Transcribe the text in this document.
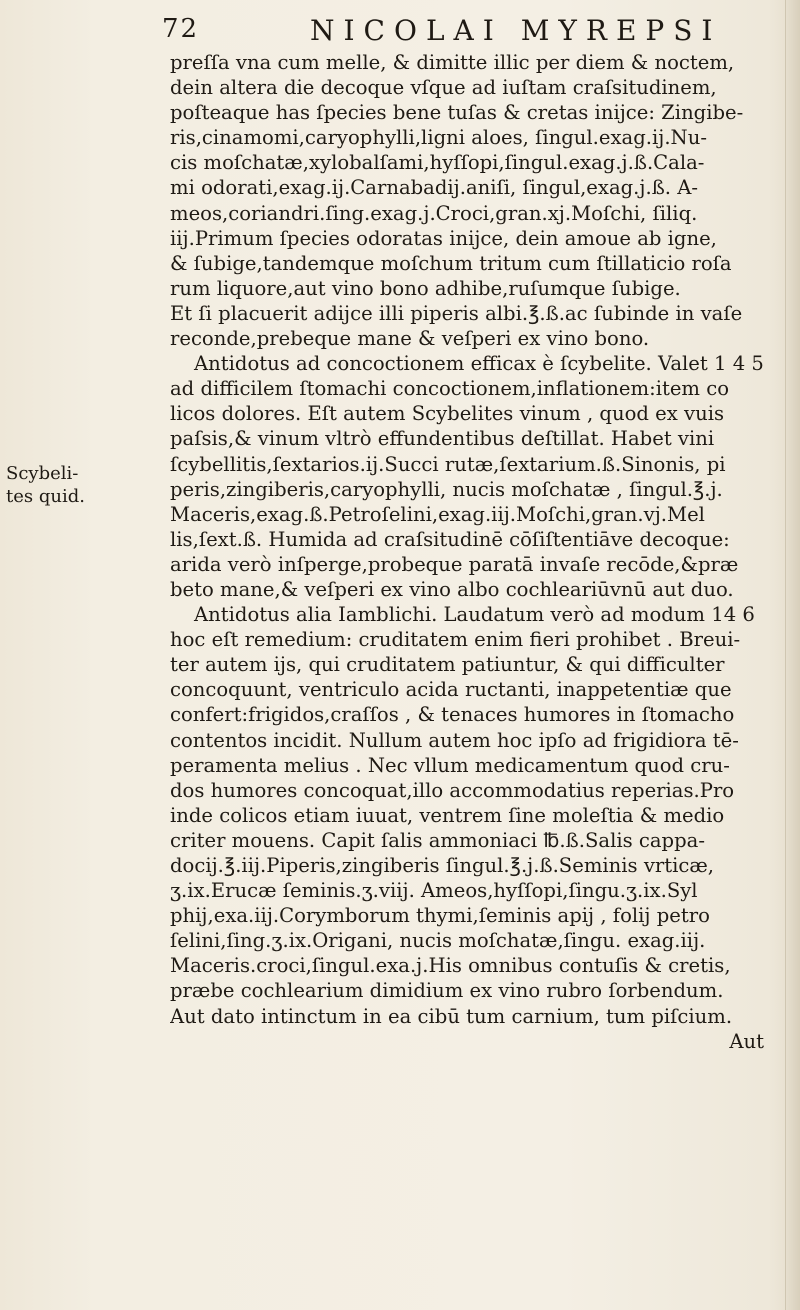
72	NICOLAI MYREPSI
Scybeli-
tes quid.
preſſa vna cum melle, & dimitte illic per diem & noctem,
dein altera die decoque vſque ad iuſtam craſsitudinem,
poſteaque has ſpecies bene tuſas & cretas inijce: Zingibe-
ris,cinamomi,caryophylli,ligni aloes, ſingul.exag.ij.Nu-
cis moſchatæ,xylobalſami,hyſſopi,ſingul.exag.j.ß.Cala-
mi odorati,exag.ij.Carnabadij.aniſi, ſingul,exag.j.ß. A-
meos,coriandri.ſing.exag.j.Croci,gran.xj.Moſchi, ſiliq.
iij.Primum ſpecies odoratas inijce, dein amoue ab igne,
& ſubige,tandemque moſchum tritum cum ſtillaticio roſa
rum liquore,aut vino bono adhibe,ruſumque ſubige.
Et ſi placuerit adijce illi piperis albi.℥.ß.ac ſubinde in vaſe
reconde,prebeque mane & veſperi ex vino bono.
Antidotus ad concoctionem efficax è ſcybelite. Valet 1 4 5
ad difficilem ſtomachi concoctionem,inflationem:item co
licos dolores. Eſt autem Scybelites vinum , quod ex vuis
paſsis,& vinum vltrò effundentibus deſtillat. Habet vini
ſcybellitis,ſextarios.ij.Succi rutæ,ſextarium.ß.Sinonis, pi
peris,zingiberis,caryophylli, nucis moſchatæ , ſingul.℥.j.
Maceris,exag.ß.Petroſelini,exag.iij.Moſchi,gran.vj.Mel
lis,ſext.ß. Humida ad craſsitudinē cōſiſtentiāve decoque:
arida verò inſperge,probeque paratā invaſe recōde,&præ
beto mane,& veſperi ex vino albo cochleariūvnū aut duo.
Antidotus alia Iamblichi. Laudatum verò ad modum 14 6
hoc eſt remedium: cruditatem enim fieri prohibet . Breui-
ter autem ijs, qui cruditatem patiuntur, & qui difficulter
concoquunt, ventriculo acida ructanti, inappetentiæ que
confert:frigidos,craſſos , & tenaces humores in ſtomacho
contentos incidit. Nullum autem hoc ipſo ad frigidiora tē-
peramenta melius . Nec vllum medicamentum quod cru-
dos humores concoquat,illo accommodatius reperias.Pro
inde colicos etiam iuuat, ventrem ſine moleſtia & medio
criter mouens. Capit ſalis ammoniaci ℔.ß.Salis cappa-
docij.℥.iij.Piperis,zingiberis ſingul.℥.j.ß.Seminis vrticæ,
ʒ.ix.Erucæ ſeminis.ʒ.viij. Ameos,hyſſopi,ſingu.ʒ.ix.Syl
phij,exa.iij.Corymborum thymi,ſeminis apij , folij petro
ſelini,ſing.ʒ.ix.Origani, nucis moſchatæ,ſingu. exag.iij.
Maceris.croci,ſingul.exa.j.His omnibus contuſis & cretis,
præbe cochlearium dimidium ex vino rubro ſorbendum.
Aut dato intinctum in ea cibū tum carnium, tum piſcium.
Aut
